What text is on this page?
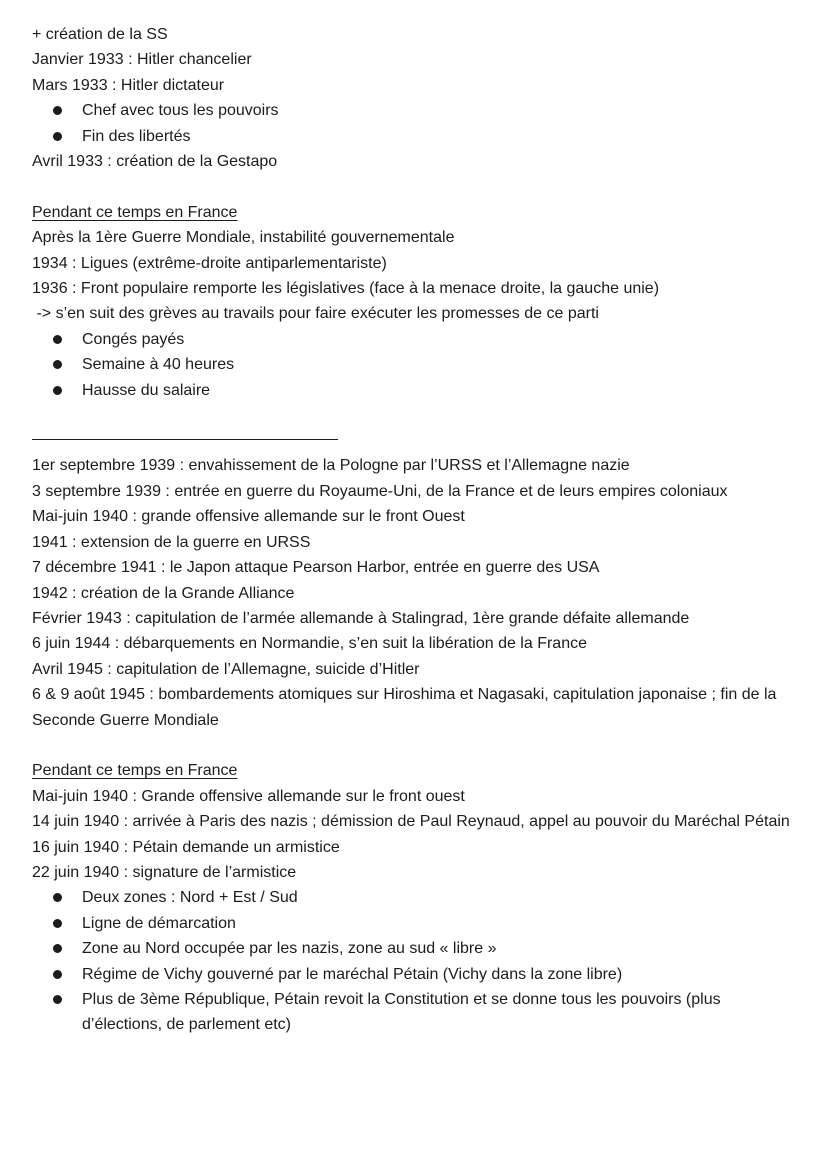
+ création de la SS
Janvier 1933 : Hitler chancelier
Mars 1933 : Hitler dictateur
Chef avec tous les pouvoirs
Fin des libertés
Avril 1933 : création de la Gestapo
Pendant ce temps en France
Après la 1ère Guerre Mondiale, instabilité gouvernementale
1934 : Ligues (extrême-droite antiparlementariste)
1936 : Front populaire remporte les législatives (face à la menace droite, la gauche unie)
-> s’en suit des grèves au travails pour faire exécuter les promesses de ce parti
Congés payés
Semaine à 40 heures
Hausse du salaire
1er septembre 1939 : envahissement de la Pologne par l’URSS et l’Allemagne nazie
3 septembre 1939 : entrée en guerre du Royaume-Uni, de la France et de leurs empires coloniaux
Mai-juin 1940 : grande offensive allemande sur le front Ouest
1941 : extension de la guerre en URSS
7 décembre 1941 : le Japon attaque Pearson Harbor, entrée en guerre des USA
1942 : création de la Grande Alliance
Février 1943 : capitulation de l’armée allemande à Stalingrad, 1ère grande défaite allemande
6 juin 1944 : débarquements en Normandie, s’en suit la libération de la France
Avril 1945 : capitulation de l’Allemagne, suicide d’Hitler
6 & 9 août 1945 : bombardements atomiques sur Hiroshima et Nagasaki, capitulation japonaise ; fin de la Seconde Guerre Mondiale
Pendant ce temps en France
Mai-juin 1940 : Grande offensive allemande sur le front ouest
14 juin 1940 : arrivée à Paris des nazis ; démission de Paul Reynaud, appel au pouvoir du Maréchal Pétain
16 juin 1940 : Pétain demande un armistice
22 juin 1940 : signature de l’armistice
Deux zones : Nord + Est / Sud
Ligne de démarcation
Zone au Nord occupée par les nazis, zone au sud « libre »
Régime de Vichy gouverné par le maréchal Pétain (Vichy dans la zone libre)
Plus de 3ème République, Pétain revoit la Constitution et se donne tous les pouvoirs (plus d’élections, de parlement etc)
